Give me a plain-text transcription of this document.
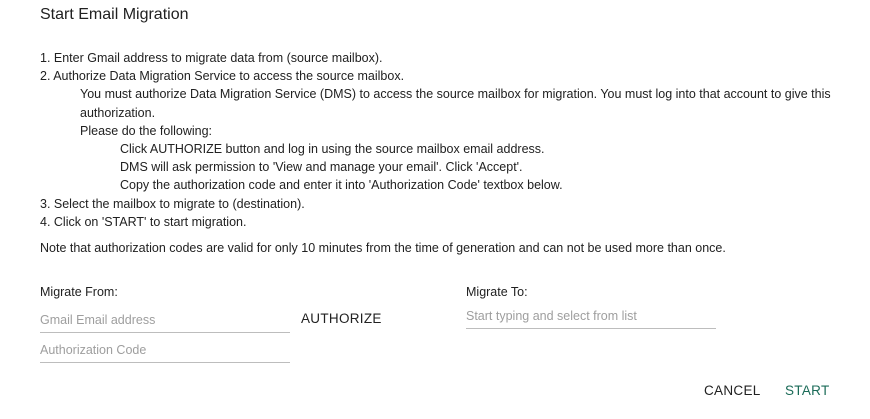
Start Email Migration
1. Enter Gmail address to migrate data from (source mailbox).
2. Authorize Data Migration Service to access the source mailbox.
You must authorize Data Migration Service (DMS) to access the source mailbox for migration. You must log into that account to give this authorization.
Please do the following:
Click AUTHORIZE button and log in using the source mailbox email address.
DMS will ask permission to 'View and manage your email'. Click 'Accept'.
Copy the authorization code and enter it into 'Authorization Code' textbox below.
3. Select the mailbox to migrate to (destination).
4. Click on 'START' to start migration.
Note that authorization codes are valid for only 10 minutes from the time of generation and can not be used more than once.
Migrate From:
Gmail Email address
Authorization Code
AUTHORIZE
Migrate To:
Start typing and select from list
CANCEL START
